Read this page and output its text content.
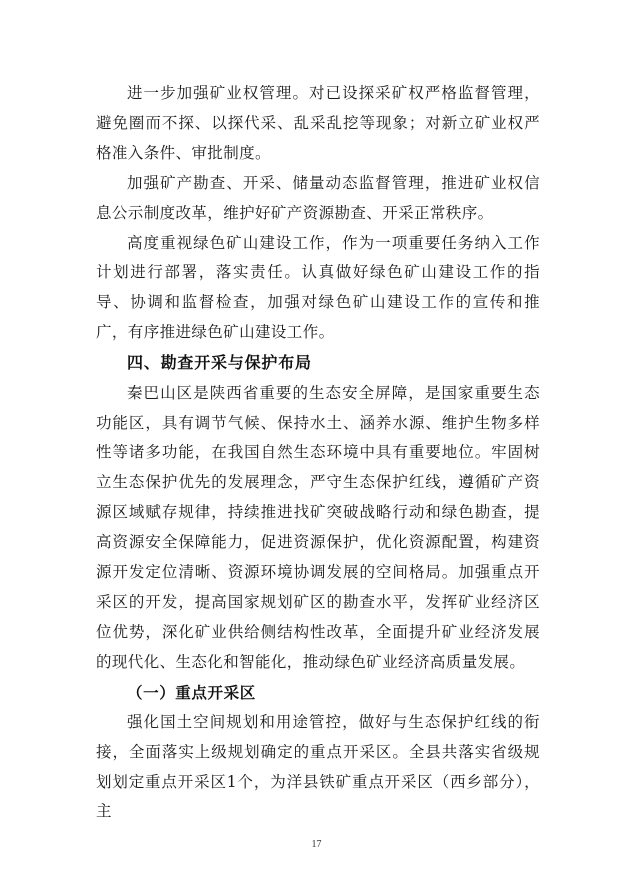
进一步加强矿业权管理。对已设探采矿权严格监督管理，避免圈而不探、以探代采、乱采乱挖等现象；对新立矿业权严格准入条件、审批制度。

加强矿产勘查、开采、储量动态监督管理，推进矿业权信息公示制度改革，维护好矿产资源勘查、开采正常秩序。

高度重视绿色矿山建设工作，作为一项重要任务纳入工作计划进行部署，落实责任。认真做好绿色矿山建设工作的指导、协调和监督检查，加强对绿色矿山建设工作的宣传和推广，有序推进绿色矿山建设工作。

四、勘查开采与保护布局

秦巴山区是陕西省重要的生态安全屏障，是国家重要生态功能区，具有调节气候、保持水土、涵养水源、维护生物多样性等诸多功能，在我国自然生态环境中具有重要地位。牢固树立生态保护优先的发展理念，严守生态保护红线，遵循矿产资源区域赋存规律，持续推进找矿突破战略行动和绿色勘查，提高资源安全保障能力，促进资源保护，优化资源配置，构建资源开发定位清晰、资源环境协调发展的空间格局。加强重点开采区的开发，提高国家规划矿区的勘查水平，发挥矿业经济区位优势，深化矿业供给侧结构性改革，全面提升矿业经济发展的现代化、生态化和智能化，推动绿色矿业经济高质量发展。

（一）重点开采区

强化国土空间规划和用途管控，做好与生态保护红线的衔接，全面落实上级规划确定的重点开采区。全县共落实省级规划划定重点开采区1个，为洋县铁矿重点开采区（西乡部分），主

17
